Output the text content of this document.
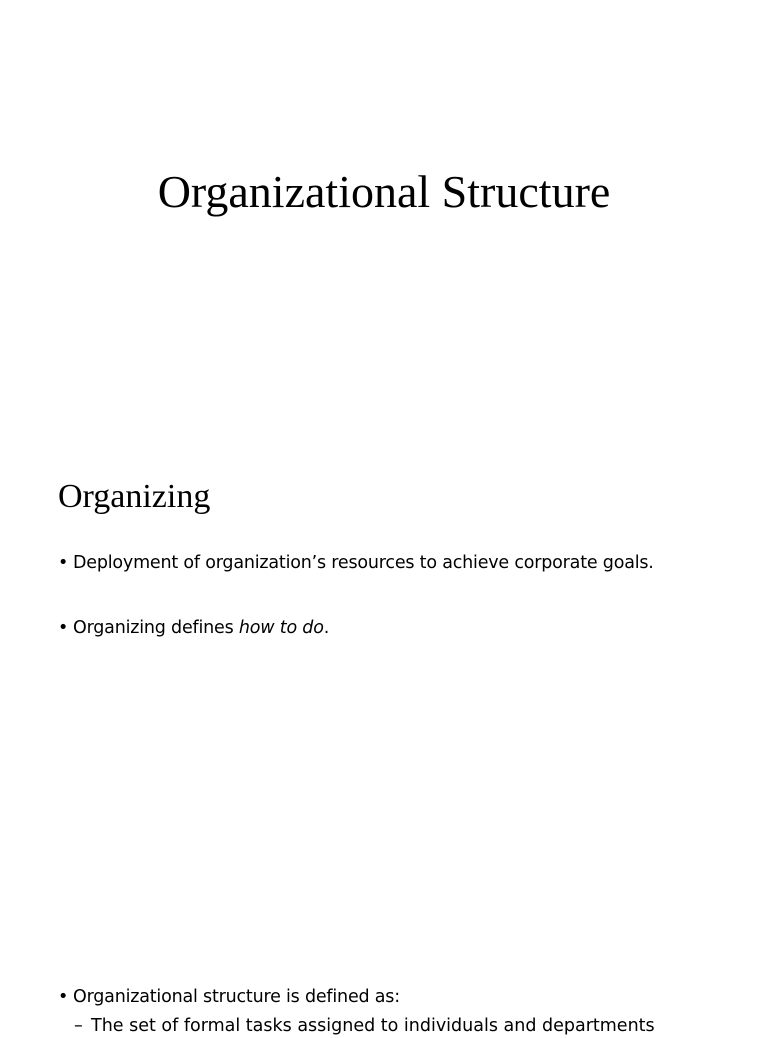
Organizational Structure
Organizing
• Deployment of organization’s resources to achieve corporate goals.
• Organizing defines how to do.
• Organizational structure is defined as:
– The set of formal tasks assigned to individuals and departments
